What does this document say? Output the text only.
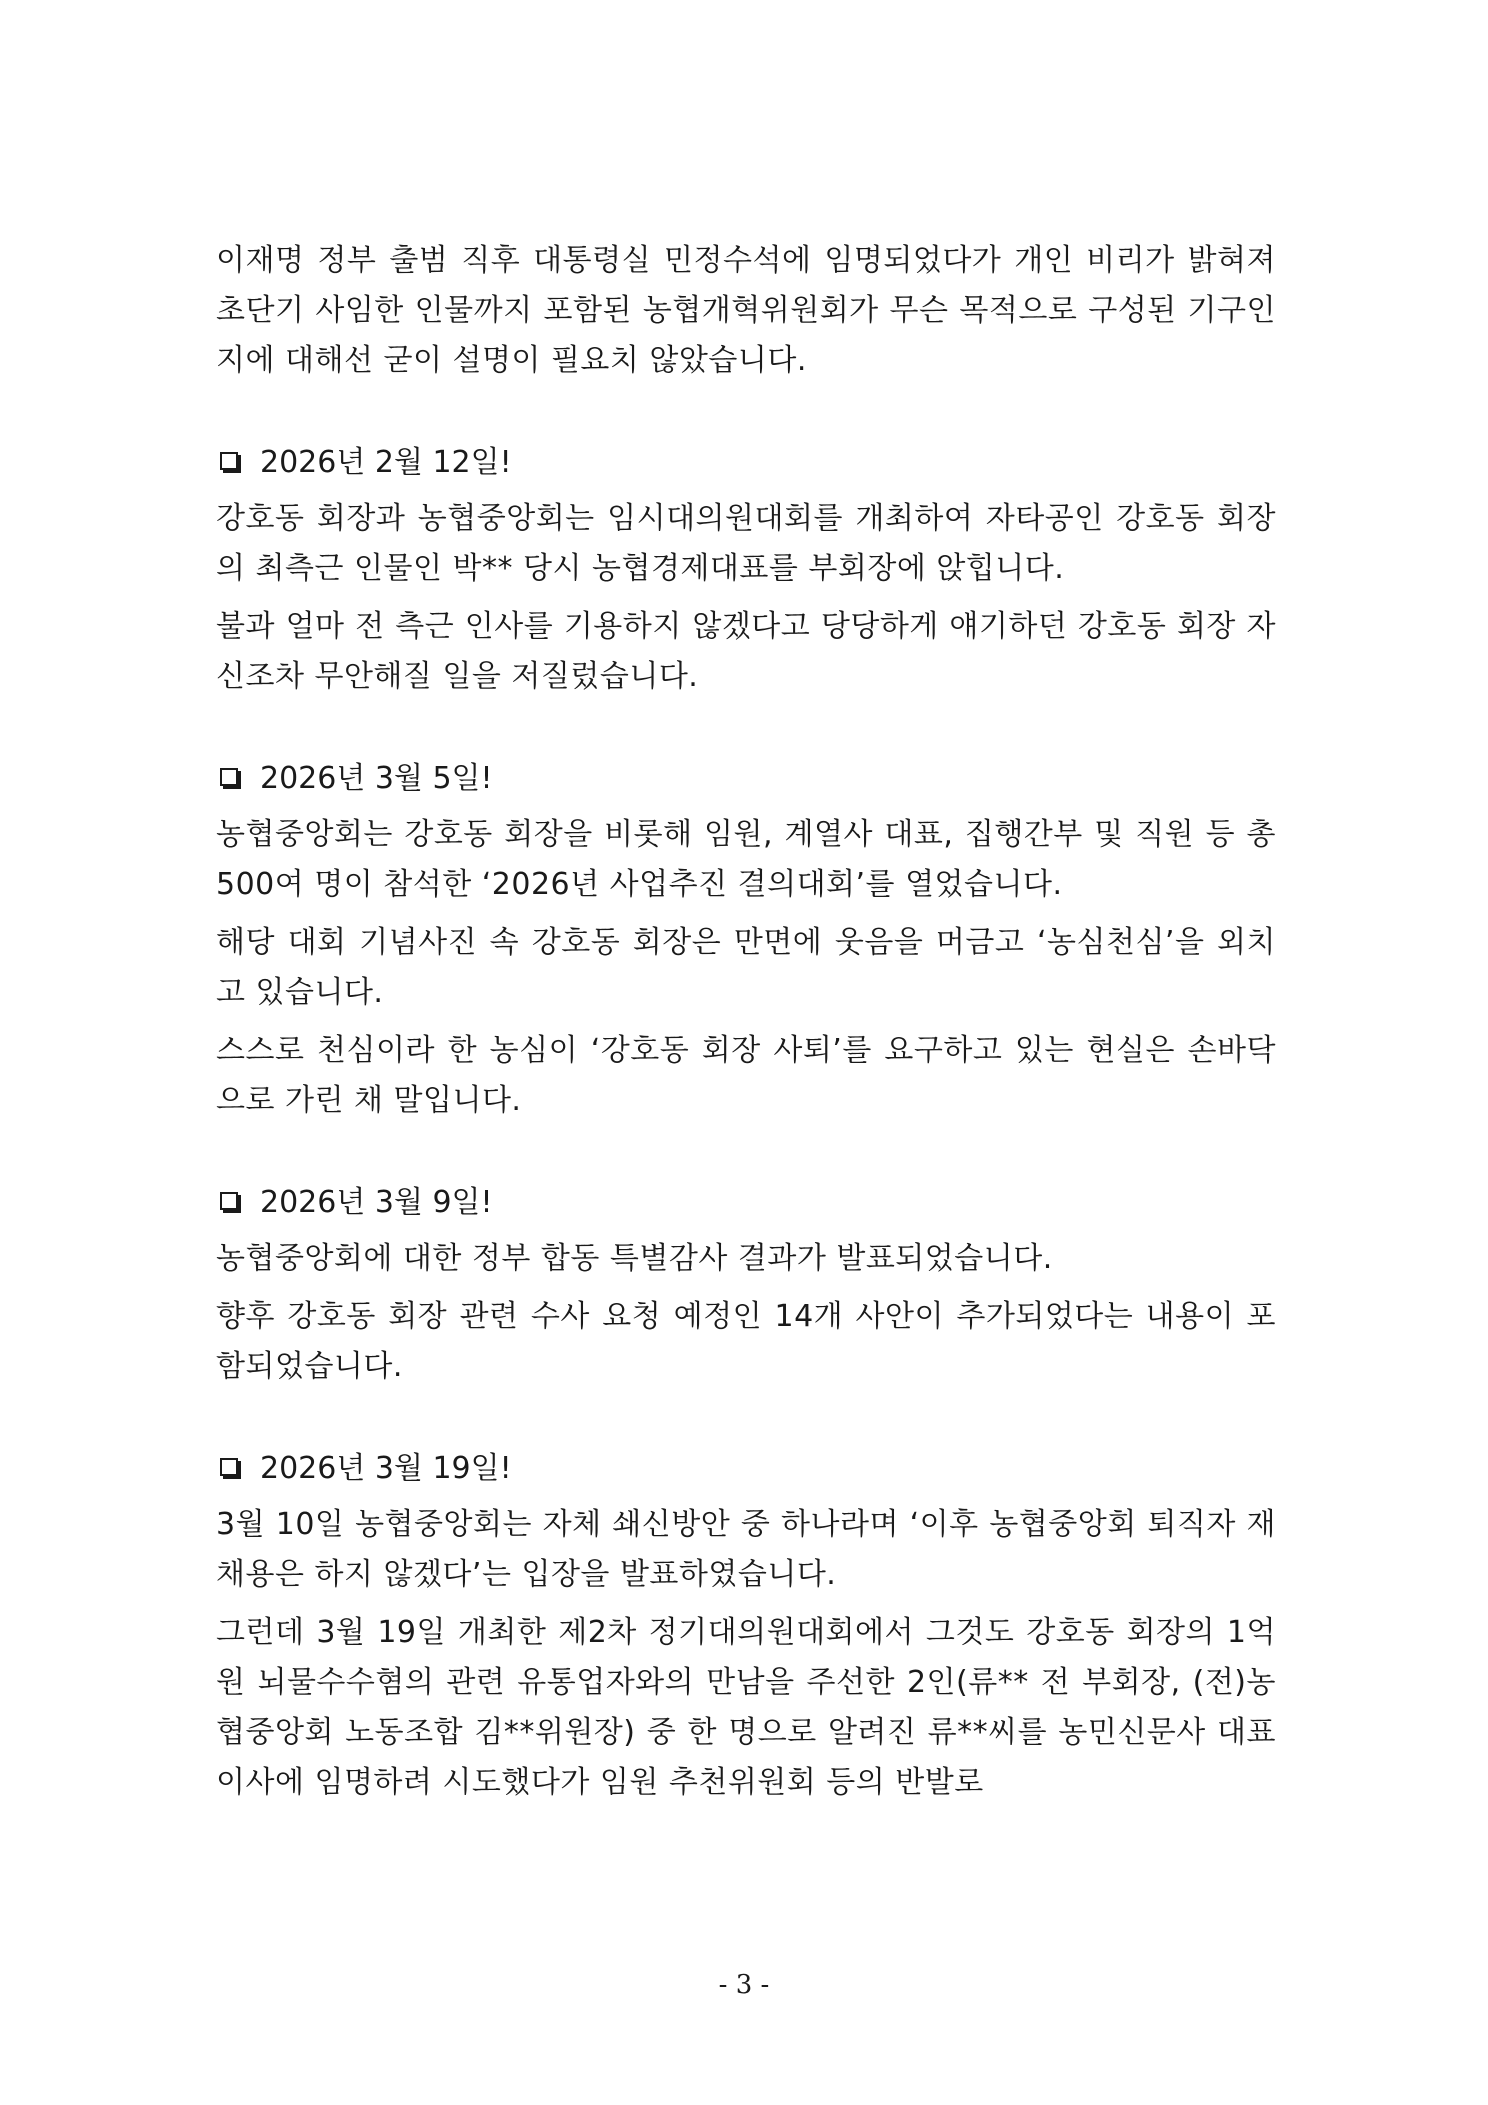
이재명 정부 출범 직후 대통령실 민정수석에 임명되었다가 개인 비리가 밝혀져 초단기 사임한 인물까지 포함된 농협개혁위원회가 무슨 목적으로 구성된 기구인지에 대해선 굳이 설명이 필요치 않았습니다.

2026년 2월 12일!

강호동 회장과 농협중앙회는 임시대의원대회를 개최하여 자타공인 강호동 회장의 최측근 인물인 박** 당시 농협경제대표를 부회장에 앉힙니다.

불과 얼마 전 측근 인사를 기용하지 않겠다고 당당하게 얘기하던 강호동 회장 자신조차 무안해질 일을 저질렀습니다.

2026년 3월 5일!

농협중앙회는 강호동 회장을 비롯해 임원, 계열사 대표, 집행간부 및 직원 등 총 500여 명이 참석한 ‘2026년 사업추진 결의대회’를 열었습니다.

해당 대회 기념사진 속 강호동 회장은 만면에 웃음을 머금고 ‘농심천심’을 외치고 있습니다.

스스로 천심이라 한 농심이 ‘강호동 회장 사퇴’를 요구하고 있는 현실은 손바닥으로 가린 채 말입니다.

2026년 3월 9일!

농협중앙회에 대한 정부 합동 특별감사 결과가 발표되었습니다.

향후 강호동 회장 관련 수사 요청 예정인 14개 사안이 추가되었다는 내용이 포함되었습니다.

2026년 3월 19일!

3월 10일 농협중앙회는 자체 쇄신방안 중 하나라며 ‘이후 농협중앙회 퇴직자 재채용은 하지 않겠다’는 입장을 발표하였습니다.

그런데 3월 19일 개최한 제2차 정기대의원대회에서 그것도 강호동 회장의 1억 원 뇌물수수혐의 관련 유통업자와의 만남을 주선한 2인(류** 전 부회장, (전)농협중앙회 노동조합 김**위원장) 중 한 명으로 알려진 류**씨를 농민신문사 대표이사에 임명하려 시도했다가 임원 추천위원회 등의 반발로

- 3 -
